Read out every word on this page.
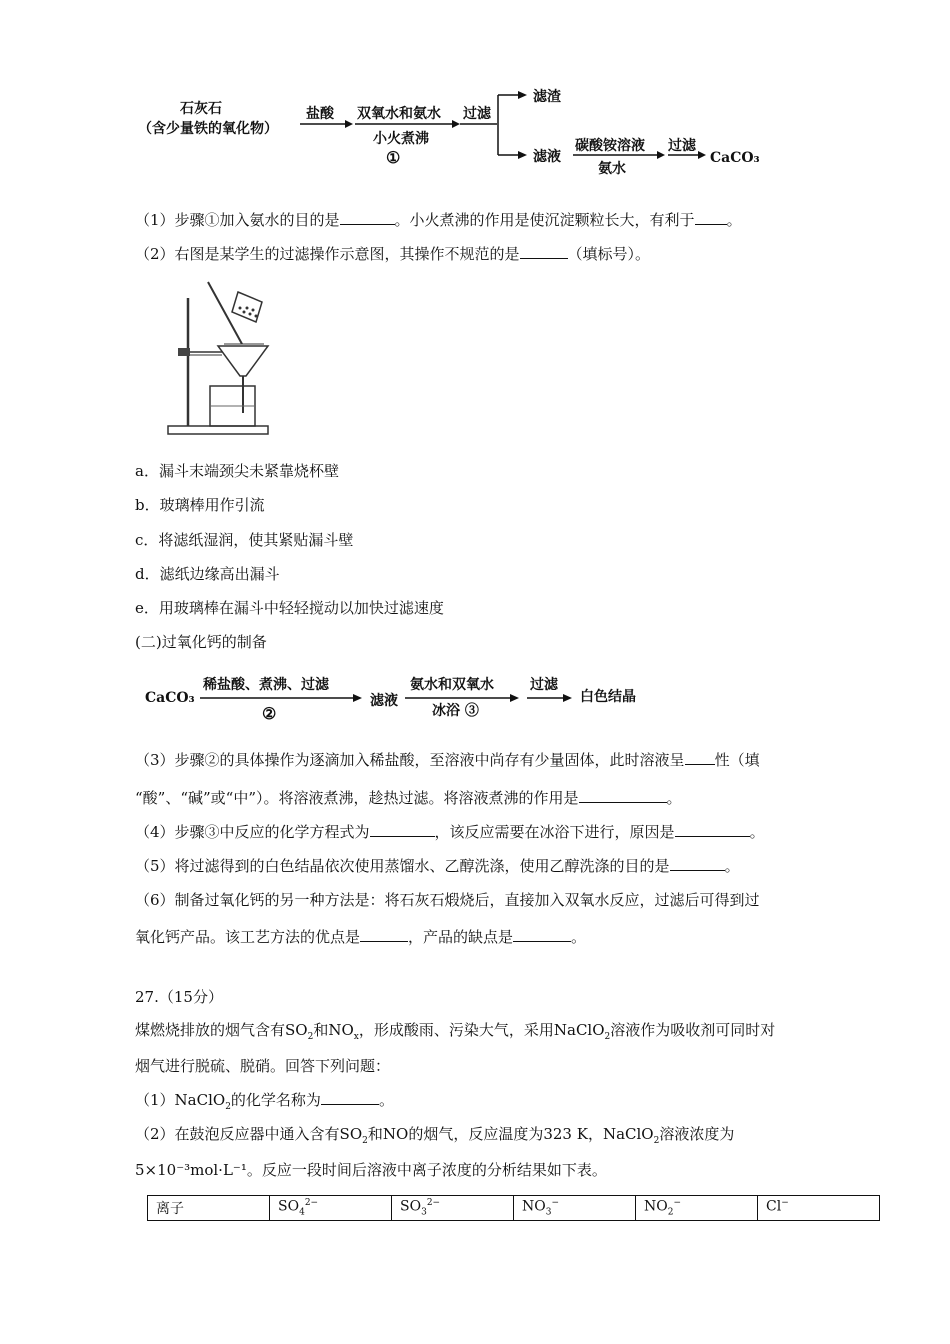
石灰石
（含少量铁的氧化物）
盐酸 双氧水和氨水
小火煮沸
①
过滤
滤渣
滤液
碳酸铵溶液
氨水
过滤
CaCO₃
（1）步骤①加入氨水的目的是	。小火煮沸的作用是使沉淀颗粒长大，有利于 。
（2）右图是某学生的过滤操作示意图，其操作不规范的是	（填标号）。
a．漏斗末端颈尖未紧靠烧杯壁
b．玻璃棒用作引流
c．将滤纸湿润，使其紧贴漏斗壁
d．滤纸边缘高出漏斗
e．用玻璃棒在漏斗中轻轻搅动以加快过滤速度
(二)过氧化钙的制备
CaCO₃
稀盐酸、煮沸、过滤
②
滤液
氨水和双氧水
冰浴 ③
过滤
白色结晶
（3）步骤②的具体操作为逐滴加入稀盐酸，至溶液中尚存有少量固体，此时溶液呈 性（填
“酸”、“碱”或“中”）。将溶液煮沸，趁热过滤。将溶液煮沸的作用是	。
（4）步骤③中反应的化学方程式为	，该反应需要在冰浴下进行，原因是	。
（5）将过滤得到的白色结晶依次使用蒸馏水、乙醇洗涤，使用乙醇洗涤的目的是	。
（6）制备过氧化钙的另一种方法是：将石灰石煅烧后，直接加入双氧水反应，过滤后可得到过
氧化钙产品。该工艺方法的优点是	，产品的缺点是	。
27.（15分）
煤燃烧排放的烟气含有$SO_2$和$NO_x$，形成酸雨、污染大气，采用NaClO$_2$溶液作为吸收剂可同时对
烟气进行脱硫、脱硝。回答下列问题：
（1）NaClO$_2$的化学名称为	。
（2）在鼓泡反应器中通入含有$SO_2$和NO的烟气，反应温度为323 K，NaClO$_2$溶液浓度为
5×10⁻³mol·L⁻¹。反应一段时间后溶液中离子浓度的分析结果如下表。
离子	$SO_4^{2-}$	$SO_3^{2-}$	$NO_3^-$	$NO_2^-$	Cl−
